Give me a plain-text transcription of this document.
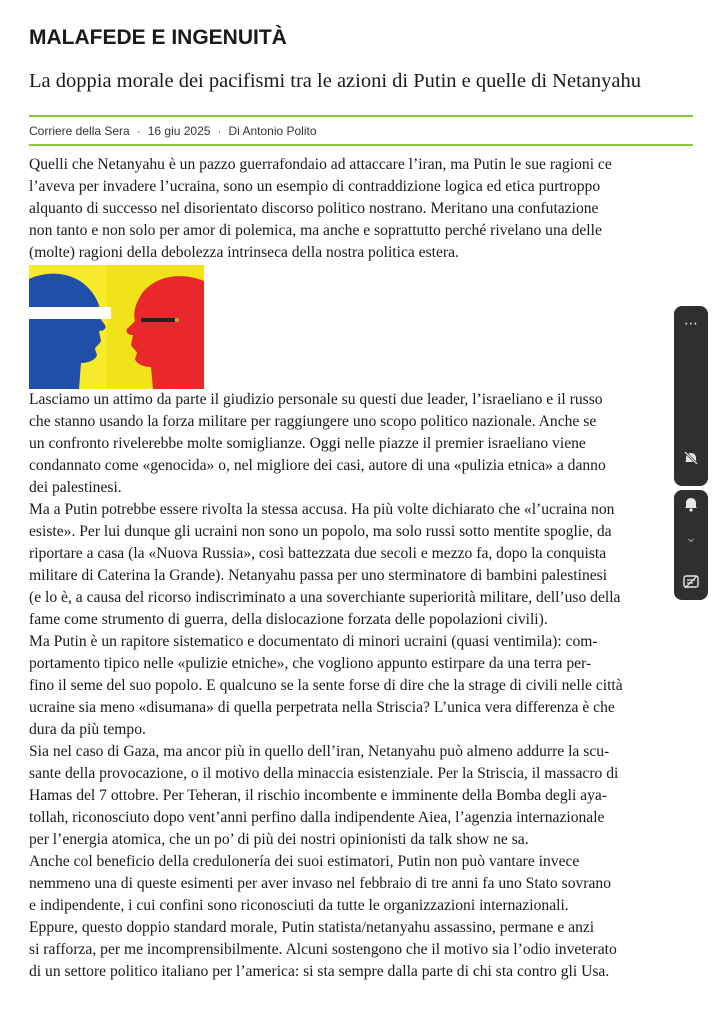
MALAFEDE E INGENUITÀ
La doppia morale dei pacifismi tra le azioni di Putin e quelle di Netanyahu
Corriere della Sera · 16 giu 2025 · Di Antonio Polito
Quelli che Netanyahu è un pazzo guerrafondaio ad attaccare l’iran, ma Putin le sue ragioni ce
l’aveva per invadere l’ucraina, sono un esempio di contraddizione logica ed etica purtroppo
alquanto di successo nel disorientato discorso politico nostrano. Meritano una confutazione
non tanto e non solo per amor di polemica, ma anche e soprattutto perché rivelano una delle
(molte) ragioni della debolezza intrinseca della nostra politica estera.
Lasciamo un attimo da parte il giudizio personale su questi due leader, l’israeliano e il russo
che stanno usando la forza militare per raggiungere uno scopo politico nazionale. Anche se
un confronto rivelerebbe molte somiglianze. Oggi nelle piazze il premier israeliano viene
condannato come «genocida» o, nel migliore dei casi, autore di una «pulizia etnica» a danno
dei palestinesi.
Ma a Putin potrebbe essere rivolta la stessa accusa. Ha più volte dichiarato che «l’ucraina non
esiste». Per lui dunque gli ucraini non sono un popolo, ma solo russi sotto mentite spoglie, da
riportare a casa (la «Nuova Russia», così battezzata due secoli e mezzo fa, dopo la conquista
militare di Caterina la Grande). Netanyahu passa per uno sterminatore di bambini palestinesi
(e lo è, a causa del ricorso indiscriminato a una soverchiante superiorità militare, dell’uso della
fame come strumento di guerra, della dislocazione forzata delle popolazioni civili).
Ma Putin è un rapitore sistematico e documentato di minori ucraini (quasi ventimila): com-
portamento tipico nelle «pulizie etniche», che vogliono appunto estirpare da una terra per-
fino il seme del suo popolo. E qualcuno se la sente forse di dire che la strage di civili nelle città
ucraine sia meno «disumana» di quella perpetrata nella Striscia? L’unica vera differenza è che
dura da più tempo.
Sia nel caso di Gaza, ma ancor più in quello dell’iran, Netanyahu può almeno addurre la scu-
sante della provocazione, o il motivo della minaccia esistenziale. Per la Striscia, il massacro di
Hamas del 7 ottobre. Per Teheran, il rischio incombente e imminente della Bomba degli aya-
tollah, riconosciuto dopo vent’anni perfino dalla indipendente Aiea, l’agenzia internazionale
per l’energia atomica, che un po’ di più dei nostri opinionisti da talk show ne sa.
Anche col beneficio della credulonería dei suoi estimatori, Putin non può vantare invece
nemmeno una di queste esimenti per aver invaso nel febbraio di tre anni fa uno Stato sovrano
e indipendente, i cui confini sono riconosciuti da tutte le organizzazioni internazionali.
Eppure, questo doppio standard morale, Putin statista/netanyahu assassino, permane e anzi
si rafforza, per me incomprensibilmente. Alcuni sostengono che il motivo sia l’odio inveterato
di un settore politico italiano per l’america: si sta sempre dalla parte di chi sta contro gli Usa.
⋯
⌄
